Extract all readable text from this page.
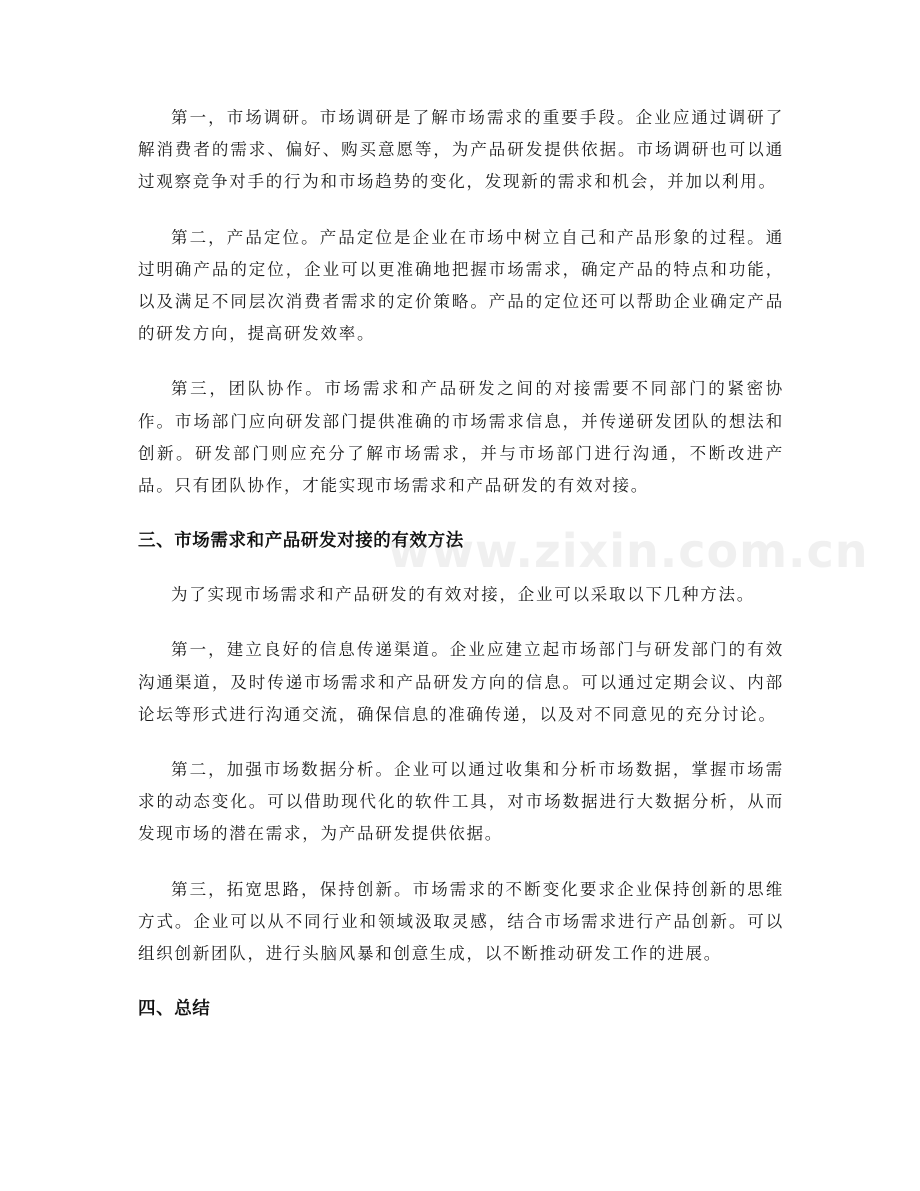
第一，市场调研。市场调研是了解市场需求的重要手段。企业应通过调研了解消费者的需求、偏好、购买意愿等，为产品研发提供依据。市场调研也可以通过观察竞争对手的行为和市场趋势的变化，发现新的需求和机会，并加以利用。

第二，产品定位。产品定位是企业在市场中树立自己和产品形象的过程。通过明确产品的定位，企业可以更准确地把握市场需求，确定产品的特点和功能，以及满足不同层次消费者需求的定价策略。产品的定位还可以帮助企业确定产品的研发方向，提高研发效率。

第三，团队协作。市场需求和产品研发之间的对接需要不同部门的紧密协作。市场部门应向研发部门提供准确的市场需求信息，并传递研发团队的想法和创新。研发部门则应充分了解市场需求，并与市场部门进行沟通，不断改进产品。只有团队协作，才能实现市场需求和产品研发的有效对接。

三、市场需求和产品研发对接的有效方法

为了实现市场需求和产品研发的有效对接，企业可以采取以下几种方法。

第一，建立良好的信息传递渠道。企业应建立起市场部门与研发部门的有效沟通渠道，及时传递市场需求和产品研发方向的信息。可以通过定期会议、内部论坛等形式进行沟通交流，确保信息的准确传递，以及对不同意见的充分讨论。

第二，加强市场数据分析。企业可以通过收集和分析市场数据，掌握市场需求的动态变化。可以借助现代化的软件工具，对市场数据进行大数据分析，从而发现市场的潜在需求，为产品研发提供依据。

第三，拓宽思路，保持创新。市场需求的不断变化要求企业保持创新的思维方式。企业可以从不同行业和领域汲取灵感，结合市场需求进行产品创新。可以组织创新团队，进行头脑风暴和创意生成，以不断推动研发工作的进展。

四、总结
www.zixin.com.cn
